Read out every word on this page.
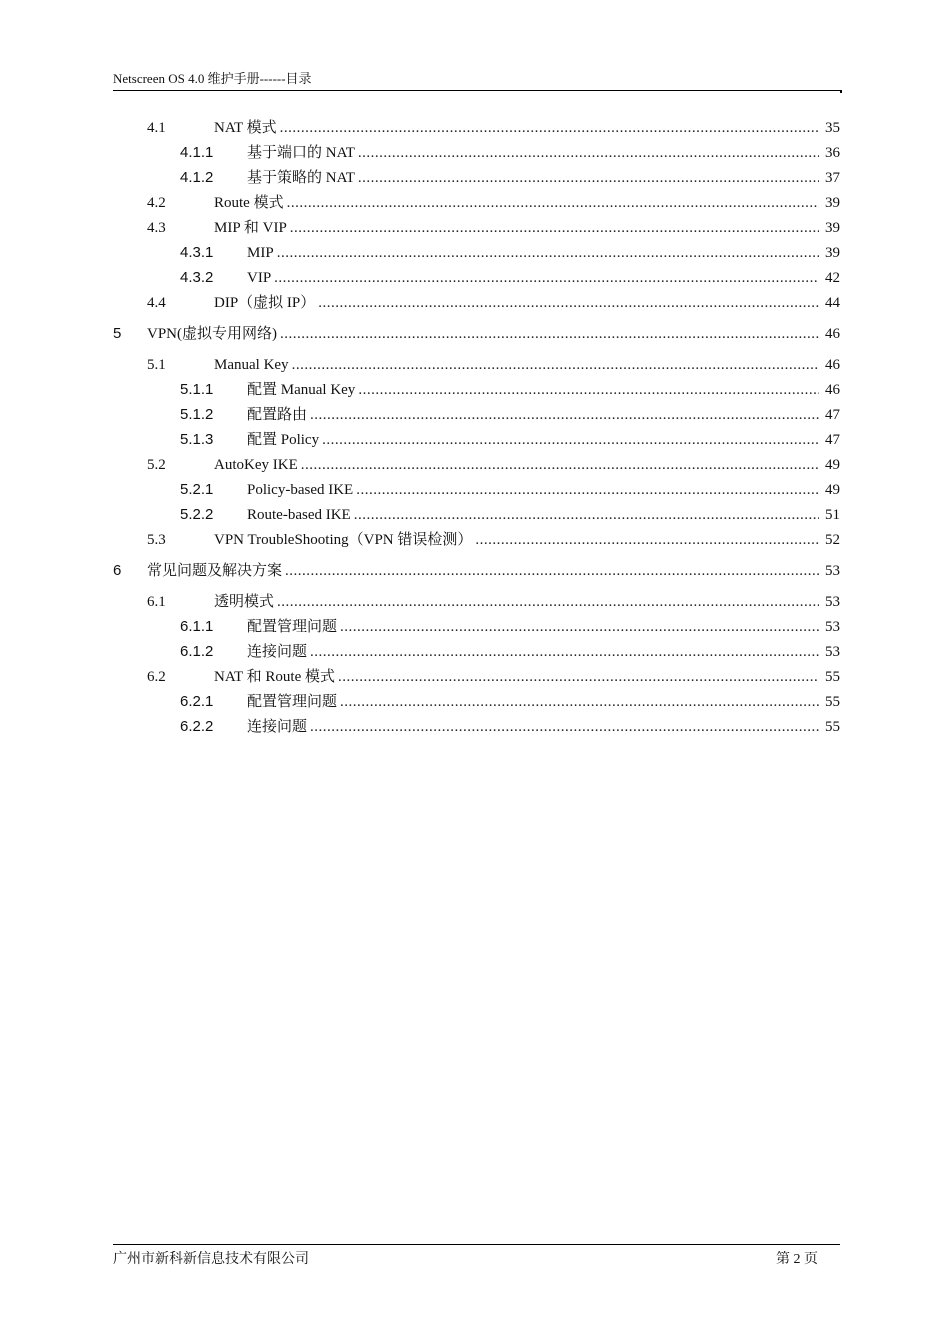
Netscreen OS 4.0 维护手册------目录
4.1	NAT 模式 .....	35
4.1.1	基于端口的 NAT .....	36
4.1.2	基于策略的 NAT .....	37
4.2	Route 模式 .....	39
4.3	MIP 和 VIP .....	39
4.3.1	MIP .....	39
4.3.2	VIP .....	42
4.4	DIP（虚拟 IP） .....	44
5	VPN(虚拟专用网络) .....	46
5.1	Manual Key .....	46
5.1.1	配置 Manual Key .....	46
5.1.2	配置路由 .....	47
5.1.3	配置 Policy .....	47
5.2	AutoKey IKE .....	49
5.2.1	Policy-based IKE .....	49
5.2.2	Route-based IKE .....	51
5.3	VPN TroubleShooting（VPN 错误检测） .....	52
6	常见问题及解决方案 .....	53
6.1	透明模式 .....	53
6.1.1	配置管理问题 .....	53
6.1.2	连接问题 .....	53
6.2	NAT 和 Route 模式 .....	55
6.2.1	配置管理问题 .....	55
6.2.2	连接问题 .....	55
广州市新科新信息技术有限公司	第 2 页
